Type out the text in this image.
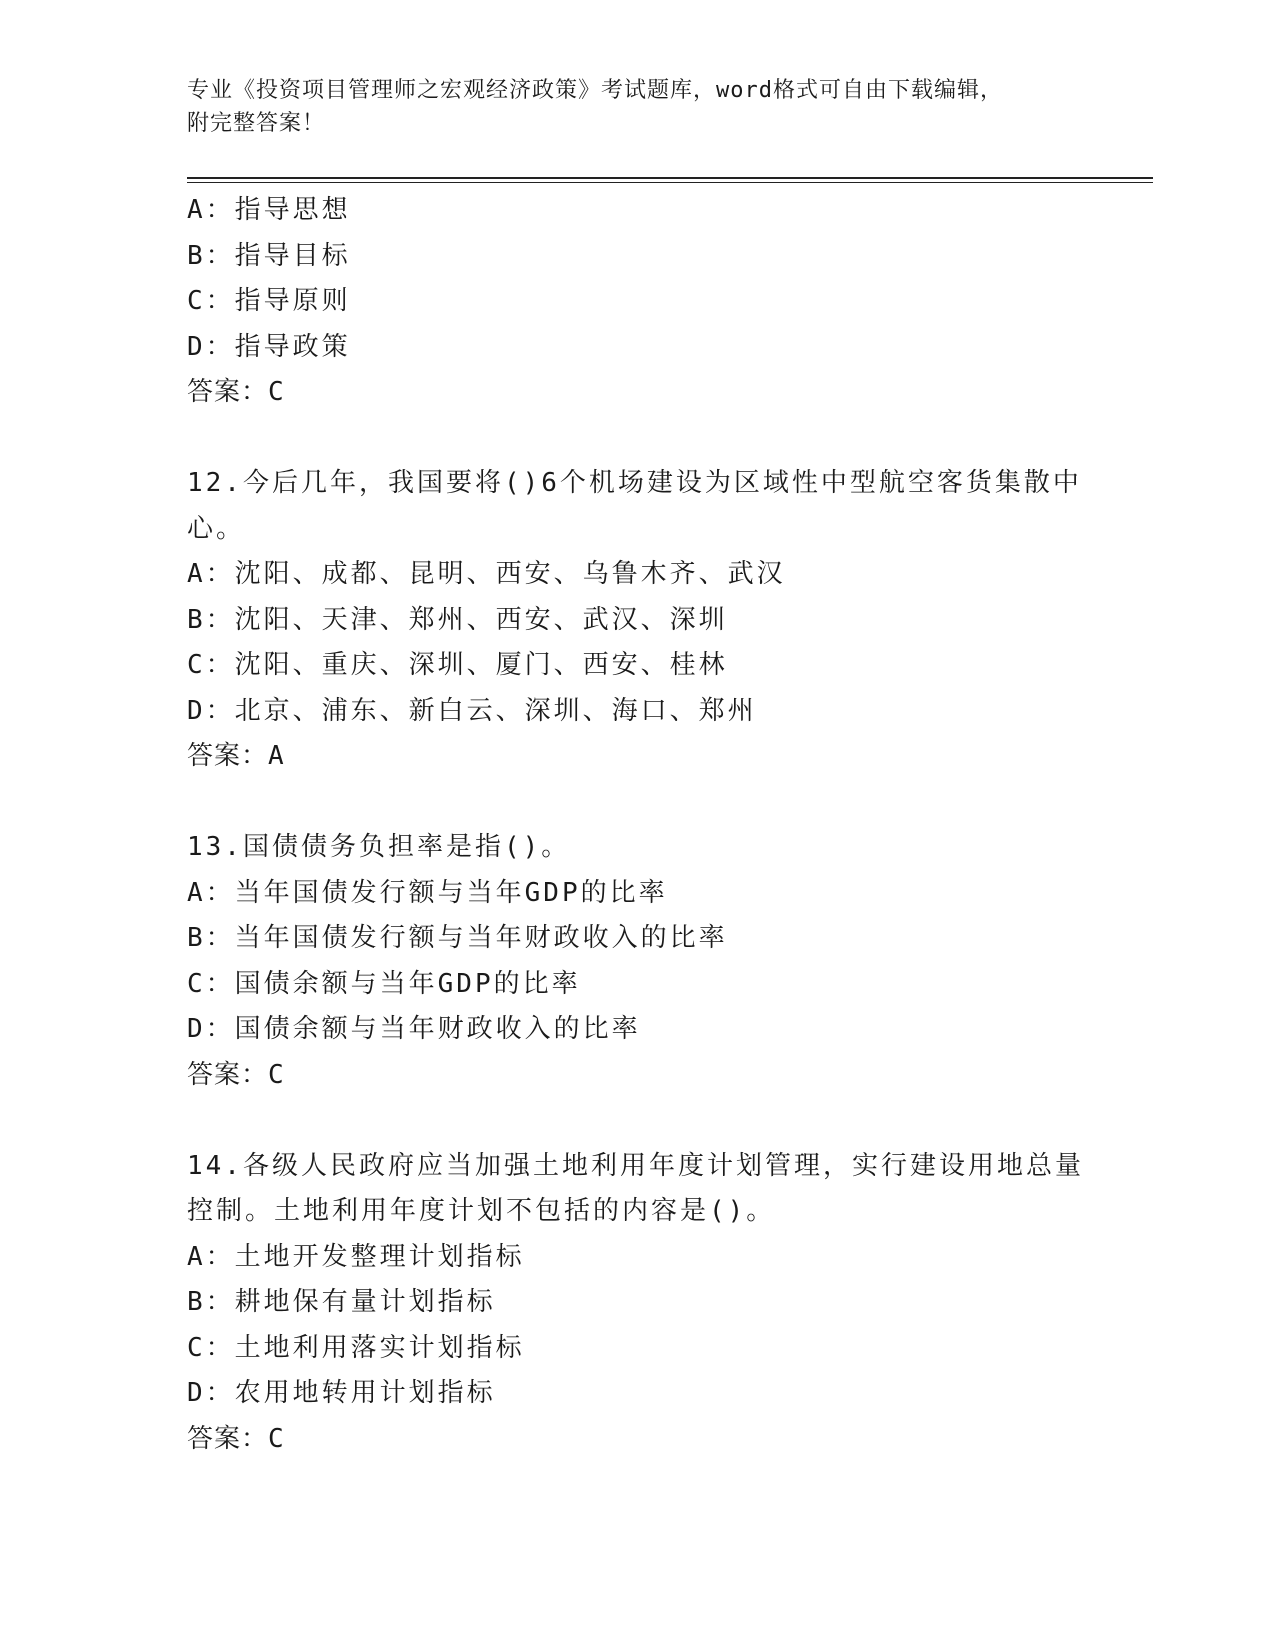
专业《投资项目管理师之宏观经济政策》考试题库，word格式可自由下载编辑，
附完整答案！
A：指导思想
B：指导目标
C：指导原则
D：指导政策
答案：C
12.今后几年，我国要将()6个机场建设为区域性中型航空客货集散中
心。
A：沈阳、成都、昆明、西安、乌鲁木齐、武汉
B：沈阳、天津、郑州、西安、武汉、深圳
C：沈阳、重庆、深圳、厦门、西安、桂林
D：北京、浦东、新白云、深圳、海口、郑州
答案：A
13.国债债务负担率是指()。
A：当年国债发行额与当年GDP的比率
B：当年国债发行额与当年财政收入的比率
C：国债余额与当年GDP的比率
D：国债余额与当年财政收入的比率
答案：C
14.各级人民政府应当加强土地利用年度计划管理，实行建设用地总量
控制。土地利用年度计划不包括的内容是()。
A：土地开发整理计划指标
B：耕地保有量计划指标
C：土地利用落实计划指标
D：农用地转用计划指标
答案：C
